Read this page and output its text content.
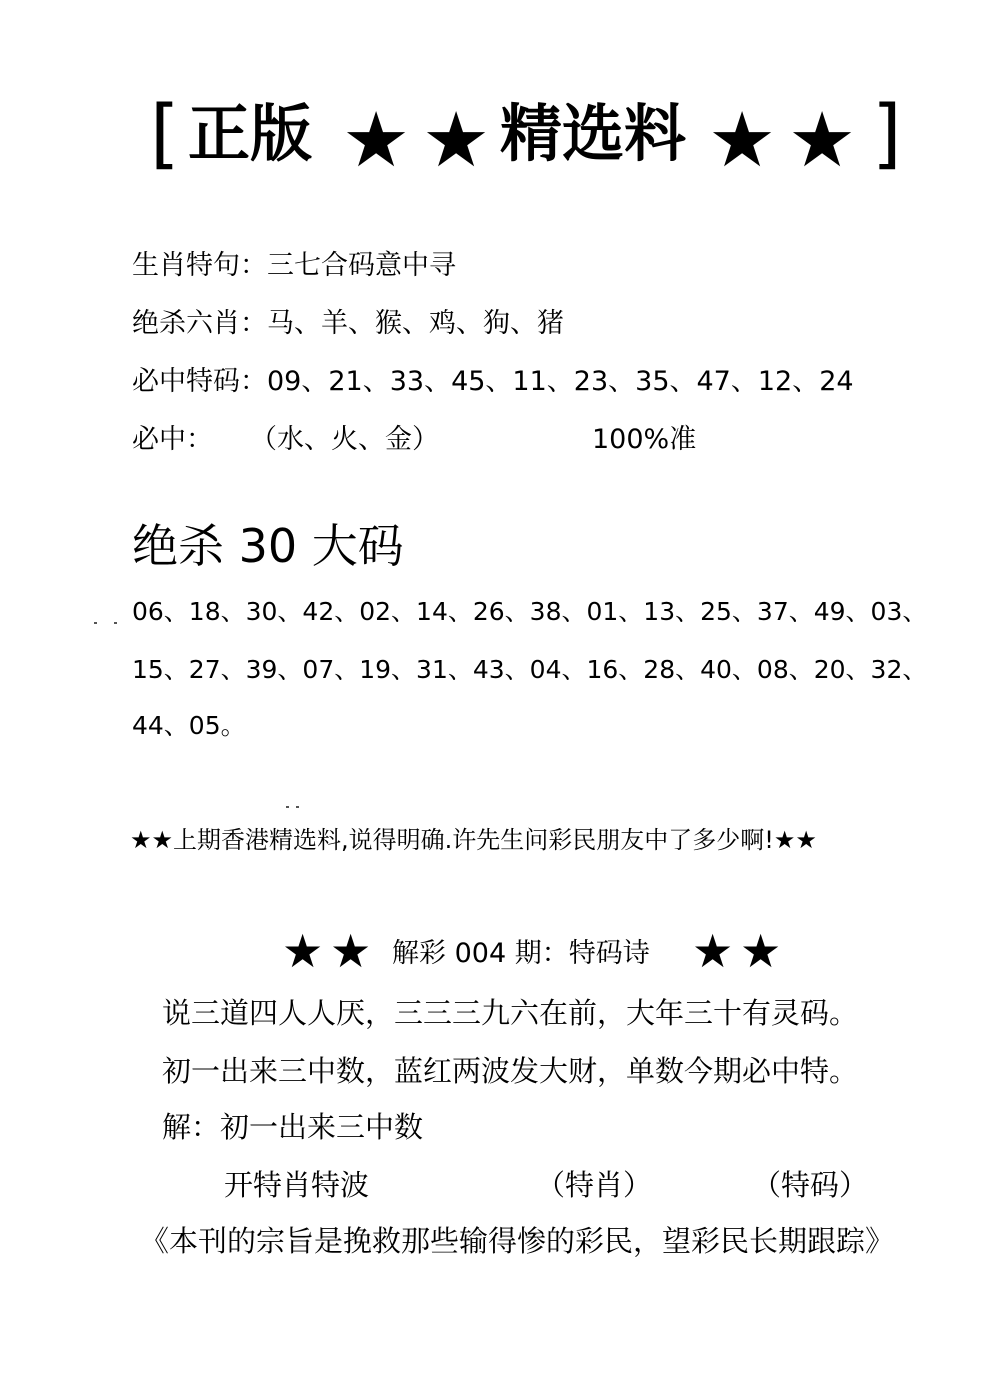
[ 正版 ★ ★ 精选料 ★ ★ ]
生肖特句：三七合码意中寻
绝杀六肖：马、羊、猴、鸡、狗、猪
必中特码：09、21、33、45、11、23、35、47、12、24
必中： （水、火、金）	100%准
绝杀 30 大码
06、18、30、42、02、14、26、38、01、13、25、37、49、03、
15、27、39、07、19、31、43、04、16、28、40、08、20、32、
44、05。
★★上期香港精选料,说得明确.许先生问彩民朋友中了多少啊!★★
★ ★ 解彩 004 期：特码诗 ★ ★
说三道四人人厌，三三三九六在前，大年三十有灵码。
初一出来三中数，蓝红两波发大财，单数今期必中特。
解：初一出来三中数
开特肖特波	（特肖）	（特码）
《本刊的宗旨是挽救那些输得惨的彩民，望彩民长期跟踪》
